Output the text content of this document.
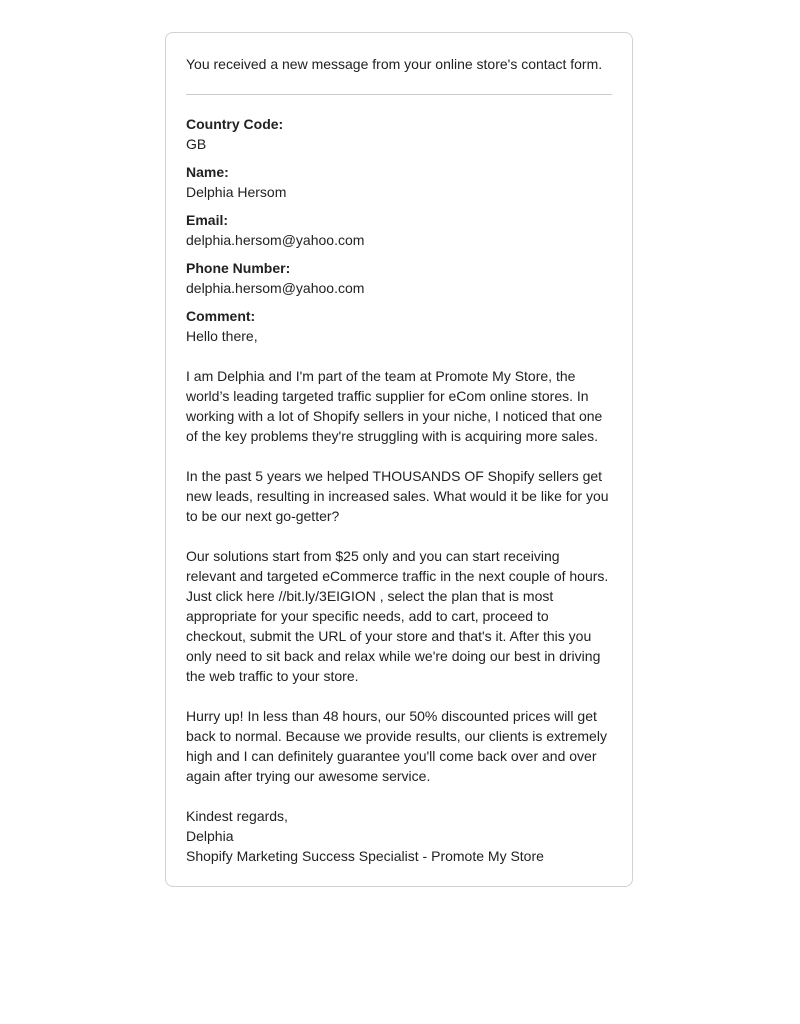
You received a new message from your online store's contact form.

Country Code:
GB
Name:
Delphia Hersom
Email:
delphia.hersom@yahoo.com
Phone Number:
delphia.hersom@yahoo.com
Comment:

Hello there,

I am Delphia and I'm part of the team at Promote My Store, the world’s leading targeted traffic supplier for eCom online stores. In working with a lot of Shopify sellers in your niche, I noticed that one of the key problems they're struggling with is acquiring more sales.

In the past 5 years we helped THOUSANDS OF Shopify sellers get new leads, resulting in increased sales. What would it be like for you to be our next go-getter?

Our solutions start from $25 only and you can start receiving relevant and targeted eCommerce traffic in the next couple of hours. Just click here //bit.ly/3EIGION , select the plan that is most appropriate for your specific needs, add to cart, proceed to checkout, submit the URL of your store and that's it. After this you only need to sit back and relax while we're doing our best in driving the web traffic to your store.

Hurry up! In less than 48 hours, our 50% discounted prices will get back to normal. Because we provide results, our clients is extremely high and I can definitely guarantee you'll come back over and over again after trying our awesome service.

Kindest regards,
Delphia
Shopify Marketing Success Specialist - Promote My Store
